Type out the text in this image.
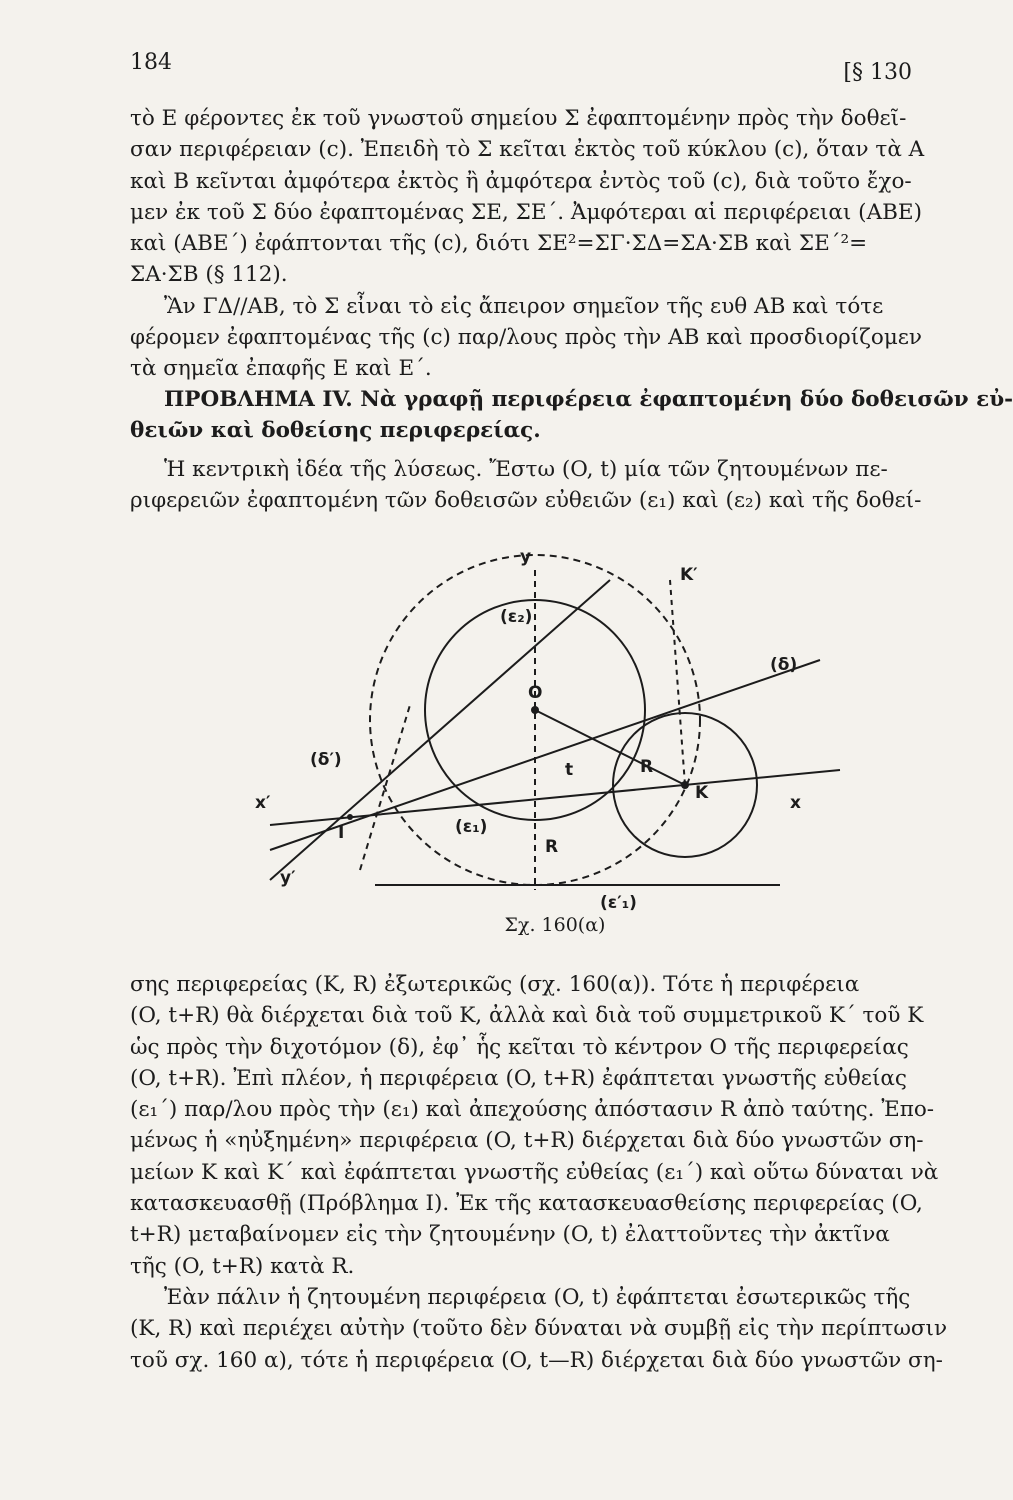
184	[§ 130
τὸ Ε φέροντες ἐκ τοῦ γνωστοῦ σημείου Σ ἐφαπτομένην πρὸς τὴν δοθεῖ-
σαν περιφέρειαν (c). Ἐπειδὴ τὸ Σ κεῖται ἐκτὸς τοῦ κύκλου (c), ὅταν τὰ Α
καὶ Β κεῖνται ἀμφότερα ἐκτὸς ἢ ἀμφότερα ἐντὸς τοῦ (c), διὰ τοῦτο ἔχο-
μεν ἐκ τοῦ Σ δύο ἐφαπτομένας ΣΕ, ΣΕ΄. Ἀμφότεραι αἱ περιφέρειαι (ΑΒΕ)
καὶ (ΑΒΕ΄) ἐφάπτονται τῆς (c), διότι ΣΕ²=ΣΓ·ΣΔ=ΣΑ·ΣΒ καὶ ΣΕ΄²=
ΣΑ·ΣΒ (§ 112).
Ἂν ΓΔ//ΑΒ, τὸ Σ εἶναι τὸ εἰς ἄπειρον σημεῖον τῆς ευθ ΑΒ καὶ τότε
φέρομεν ἐφαπτομένας τῆς (c) παρ/λους πρὸς τὴν ΑΒ καὶ προσδιορίζομεν
τὰ σημεῖα ἐπαφῆς Ε καὶ Ε΄.
ΠΡΟΒΛΗΜΑ IV. Νὰ γραφῇ περιφέρεια ἐφαπτομένη δύο δοθεισῶν εὐ-
θειῶν καὶ δοθείσης περιφερείας.
Ἡ κεντρικὴ ἰδέα τῆς λύσεως. Ἔστω (O, t) μία τῶν ζητουμένων πε-
ριφερειῶν ἐφαπτομένη τῶν δοθεισῶν εὐθειῶν (ε₁) καὶ (ε₂) καὶ τῆς δοθεί-
y
K′
(ε₂)
(δ)
O
(δ′)	t	R
K	x
x′
I	(ε₁)
R
y′
(ε′₁)
Σχ. 160(α)
σης περιφερείας (Κ, R) ἐξωτερικῶς (σχ. 160(α)). Τότε ἡ περιφέρεια
(O, t+R) θὰ διέρχεται διὰ τοῦ Κ, ἀλλὰ καὶ διὰ τοῦ συμμετρικοῦ Κ΄ τοῦ Κ
ὡς πρὸς τὴν διχοτόμον (δ), ἐφ᾽ ἧς κεῖται τὸ κέντρον Ο τῆς περιφερείας
(O, t+R). Ἐπὶ πλέον, ἡ περιφέρεια (O, t+R) ἐφάπτεται γνωστῆς εὐθείας
(ε₁΄) παρ/λου πρὸς τὴν (ε₁) καὶ ἀπεχούσης ἀπόστασιν R ἀπὸ ταύτης. Ἐπο-
μένως ἡ «ηὐξημένη» περιφέρεια (O, t+R) διέρχεται διὰ δύο γνωστῶν ση-
μείων Κ καὶ Κ΄ καὶ ἐφάπτεται γνωστῆς εὐθείας (ε₁΄) καὶ οὕτω δύναται νὰ
κατασκευασθῇ (Πρόβλημα Ι). Ἐκ τῆς κατασκευασθείσης περιφερείας (O,
t+R) μεταβαίνομεν εἰς τὴν ζητουμένην (O, t) ἐλαττοῦντες τὴν ἀκτῖνα
τῆς (O, t+R) κατὰ R.
Ἐὰν πάλιν ἡ ζητουμένη περιφέρεια (O, t) ἐφάπτεται ἐσωτερικῶς τῆς
(Κ, R) καὶ περιέχει αὐτὴν (τοῦτο δὲν δύναται νὰ συμβῇ εἰς τὴν περίπτωσιν
τοῦ σχ. 160 α), τότε ἡ περιφέρεια (O, t—R) διέρχεται διὰ δύο γνωστῶν ση-
